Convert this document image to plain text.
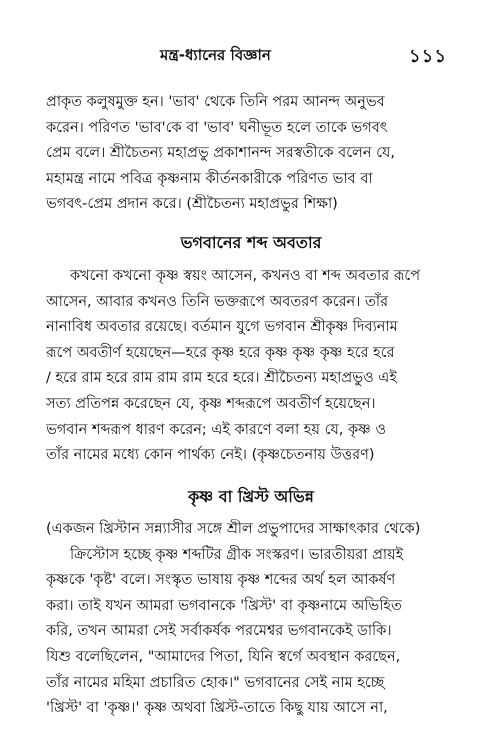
মন্ত্র-ধ্যানের বিজ্ঞান	১১১
প্রাকৃত কলুষমুক্ত হন। 'ভাব' থেকে তিনি পরম আনন্দ অনুভব
করেন। পরিণত 'ভাব'কে বা 'ভাব' ঘনীভূত হলে তাকে ভগবৎ
প্রেম বলে। শ্রীচৈতন্য মহাপ্রভু প্রকাশানন্দ সরস্বতীকে বলেন যে,
মহামন্ত্র নামে পবিত্র কৃষ্ণনাম কীর্তনকারীকে পরিণত ভাব বা
ভগবৎ-প্রেম প্রদান করে। (শ্রীচৈতন্য মহাপ্রভুর শিক্ষা)
ভগবানের শব্দ অবতার
কখনো কখনো কৃষ্ণ স্বয়ং আসেন, কখনও বা শব্দ অবতার রূপে
আসেন, আবার কখনও তিনি ভক্তরূপে অবতরণ করেন। তাঁর
নানাবিধ অবতার রয়েছে। বর্তমান যুগে ভগবান শ্রীকৃষ্ণ দিব্যনাম
রূপে অবতীর্ণ হয়েছেন—হরে কৃষ্ণ হরে কৃষ্ণ কৃষ্ণ কৃষ্ণ হরে হরে
/ হরে রাম হরে রাম রাম রাম হরে হরে। শ্রীচৈতন্য মহাপ্রভুও এই
সত্য প্রতিপন্ন করেছেন যে, কৃষ্ণ শব্দরূপে অবতীর্ণ হয়েছেন।
ভগবান শব্দরূপ ধারণ করেন; এই কারণে বলা হয় যে, কৃষ্ণ ও
তাঁর নামের মধ্যে কোন পার্থক্য নেই। (কৃষ্ণচেতনায় উত্তরণ)
কৃষ্ণ বা খ্রিস্ট অভিন্ন
(একজন খ্রিস্টান সন্ন্যাসীর সঙ্গে শ্রীল প্রভুপাদের সাক্ষাৎকার থেকে)
ক্রিস্টোস হচ্ছে কৃষ্ণ শব্দটির গ্রীক সংস্করণ। ভারতীয়রা প্রায়ই
কৃষ্ণকে 'কৃষ্ট' বলে। সংস্কৃত ভাষায় কৃষ্ণ শব্দের অর্থ হল আকর্ষণ
করা। তাই যখন আমরা ভগবানকে 'খ্রিস্ট' বা কৃষ্ণনামে অভিহিত
করি, তখন আমরা সেই সর্বাকর্ষক পরমেশ্বর ভগবানকেই ডাকি।
যিশু বলেছিলেন, "আমাদের পিতা, যিনি স্বর্গে অবস্থান করছেন,
তাঁর নামের মহিমা প্রচারিত হোক।" ভগবানের সেই নাম হচ্ছে
'খ্রিস্ট' বা 'কৃষ্ণ।' কৃষ্ণ অথবা খ্রিস্ট-তাতে কিছু যায় আসে না,
